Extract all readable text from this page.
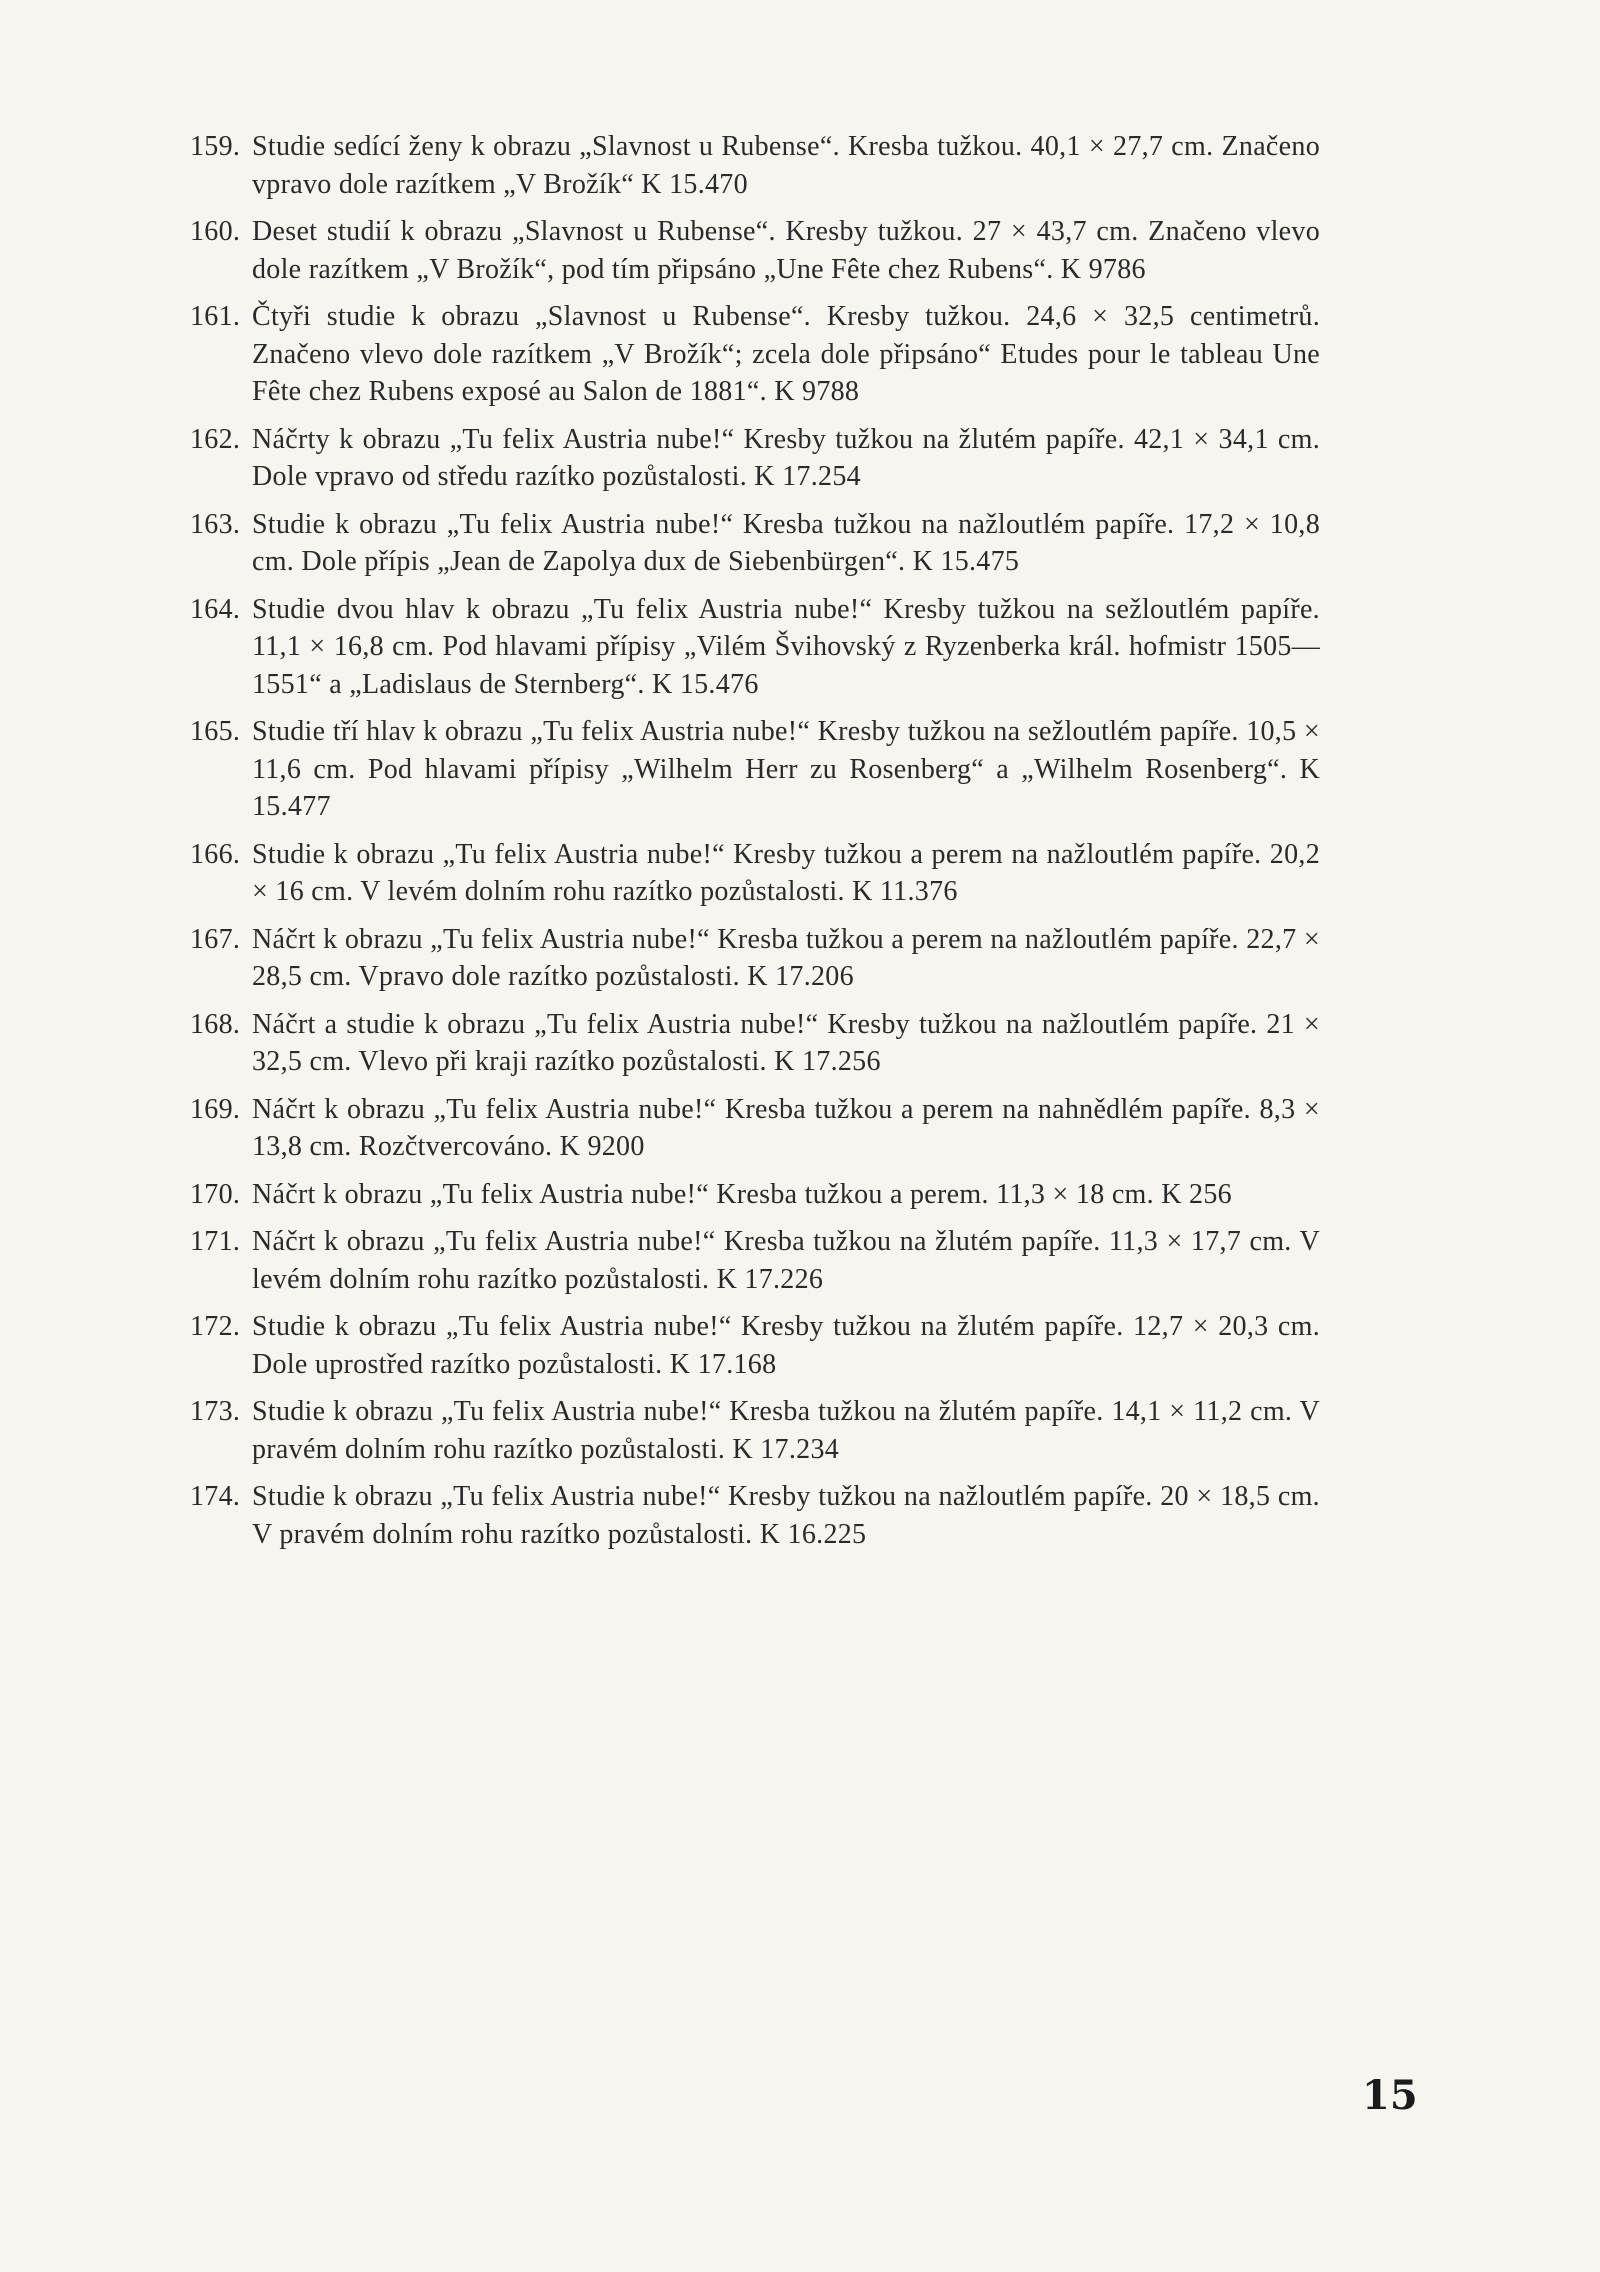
159. Studie sedící ženy k obrazu „Slavnost u Rubense“. Kresba tužkou. 40,1 × 27,7 cm. Značeno vpravo dole razítkem „V Brožík“ K 15.470
160. Deset studií k obrazu „Slavnost u Rubense“. Kresby tužkou. 27 × 43,7 cm. Značeno vlevo dole razítkem „V Brožík“, pod tím připsáno „Une Fête chez Rubens“. K 9786
161. Čtyři studie k obrazu „Slavnost u Rubense“. Kresby tužkou. 24,6 × 32,5 centimetrů. Značeno vlevo dole razítkem „V Brožík“; zcela dole připsáno“ Etudes pour le tableau Une Fête chez Rubens exposé au Salon de 1881“. K 9788
162. Náčrty k obrazu „Tu felix Austria nube!“ Kresby tužkou na žlutém papíře. 42,1 × 34,1 cm. Dole vpravo od středu razítko pozůstalosti. K 17.254
163. Studie k obrazu „Tu felix Austria nube!“ Kresba tužkou na nažloutlém papíře. 17,2 × 10,8 cm. Dole přípis „Jean de Zapolya dux de Siebenbürgen“. K 15.475
164. Studie dvou hlav k obrazu „Tu felix Austria nube!“ Kresby tužkou na sežloutlém papíře. 11,1 × 16,8 cm. Pod hlavami přípisy „Vilém Švihovský z Ryzenberka král. hofmistr 1505—1551“ a „Ladislaus de Sternberg“. K 15.476
165. Studie tří hlav k obrazu „Tu felix Austria nube!“ Kresby tužkou na sežloutlém papíře. 10,5 × 11,6 cm. Pod hlavami přípisy „Wilhelm Herr zu Rosenberg“ a „Wilhelm Rosenberg“. K 15.477
166. Studie k obrazu „Tu felix Austria nube!“ Kresby tužkou a perem na nažloutlém papíře. 20,2 × 16 cm. V levém dolním rohu razítko pozůstalosti. K 11.376
167. Náčrt k obrazu „Tu felix Austria nube!“ Kresba tužkou a perem na nažloutlém papíře. 22,7 × 28,5 cm. Vpravo dole razítko pozůstalosti. K 17.206
168. Náčrt a studie k obrazu „Tu felix Austria nube!“ Kresby tužkou na nažloutlém papíře. 21 × 32,5 cm. Vlevo při kraji razítko pozůstalosti. K 17.256
169. Náčrt k obrazu „Tu felix Austria nube!“ Kresba tužkou a perem na nahnědlém papíře. 8,3 × 13,8 cm. Rozčtvercováno. K 9200
170. Náčrt k obrazu „Tu felix Austria nube!“ Kresba tužkou a perem. 11,3 × 18 cm. K 256
171. Náčrt k obrazu „Tu felix Austria nube!“ Kresba tužkou na žlutém papíře. 11,3 × 17,7 cm. V levém dolním rohu razítko pozůstalosti. K 17.226
172. Studie k obrazu „Tu felix Austria nube!“ Kresby tužkou na žlutém papíře. 12,7 × 20,3 cm. Dole uprostřed razítko pozůstalosti. K 17.168
173. Studie k obrazu „Tu felix Austria nube!“ Kresba tužkou na žlutém papíře. 14,1 × 11,2 cm. V pravém dolním rohu razítko pozůstalosti. K 17.234
174. Studie k obrazu „Tu felix Austria nube!“ Kresby tužkou na nažloutlém papíře. 20 × 18,5 cm. V pravém dolním rohu razítko pozůstalosti. K 16.225
15
